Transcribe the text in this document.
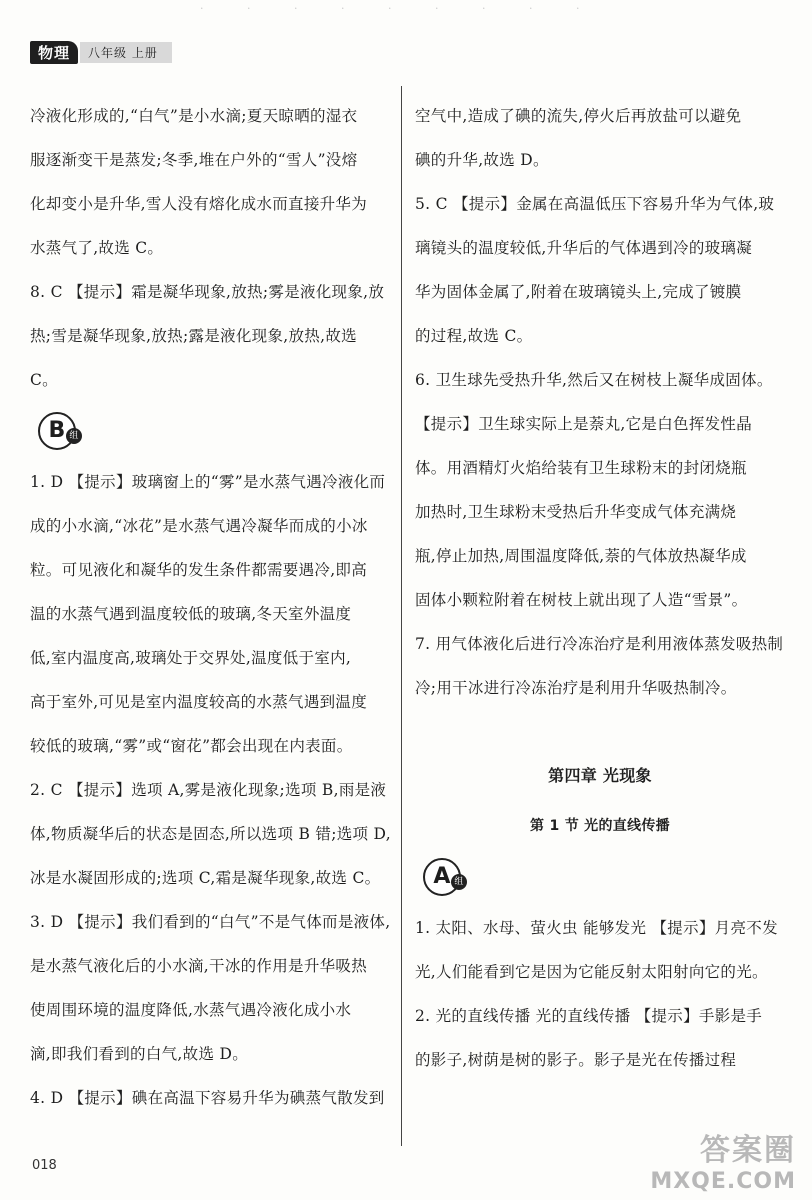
· · · · · · · · ·
物理	八年级 上册

冷液化形成的,“白气”是小水滴;夏天晾晒的湿衣

服逐渐变干是蒸发;冬季,堆在户外的“雪人”没熔

化却变小是升华,雪人没有熔化成水而直接升华为

水蒸气了,故选 C。

8. C 【提示】霜是凝华现象,放热;雾是液化现象,放

热;雪是凝华现象,放热;露是液化现象,放热,故选

C。

B 组

1. D 【提示】玻璃窗上的“雾”是水蒸气遇冷液化而

成的小水滴,“冰花”是水蒸气遇冷凝华而成的小冰

粒。可见液化和凝华的发生条件都需要遇冷,即高

温的水蒸气遇到温度较低的玻璃,冬天室外温度

低,室内温度高,玻璃处于交界处,温度低于室内,

高于室外,可见是室内温度较高的水蒸气遇到温度

较低的玻璃,“雾”或“窗花”都会出现在内表面。

2. C 【提示】选项 A,雾是液化现象;选项 B,雨是液

体,物质凝华后的状态是固态,所以选项 B 错;选项 D,

冰是水凝固形成的;选项 C,霜是凝华现象,故选 C。

3. D 【提示】我们看到的“白气”不是气体而是液体,

是水蒸气液化后的小水滴,干冰的作用是升华吸热

使周围环境的温度降低,水蒸气遇冷液化成小水

滴,即我们看到的白气,故选 D。

4. D 【提示】碘在高温下容易升华为碘蒸气散发到

空气中,造成了碘的流失,停火后再放盐可以避免

碘的升华,故选 D。

5. C 【提示】金属在高温低压下容易升华为气体,玻

璃镜头的温度较低,升华后的气体遇到冷的玻璃凝

华为固体金属了,附着在玻璃镜头上,完成了镀膜

的过程,故选 C。

6. 卫生球先受热升华,然后又在树枝上凝华成固体。

【提示】卫生球实际上是萘丸,它是白色挥发性晶

体。用酒精灯火焰给装有卫生球粉末的封闭烧瓶

加热时,卫生球粉末受热后升华变成气体充满烧

瓶,停止加热,周围温度降低,萘的气体放热凝华成

固体小颗粒附着在树枝上就出现了人造“雪景”。

7. 用气体液化后进行冷冻治疗是利用液体蒸发吸热制

冷;用干冰进行冷冻治疗是利用升华吸热制冷。

第四章 光现象
第 1 节 光的直线传播
A 组

1. 太阳、水母、萤火虫 能够发光 【提示】月亮不发

光,人们能看到它是因为它能反射太阳射向它的光。

2. 光的直线传播 光的直线传播 【提示】手影是手

的影子,树荫是树的影子。影子是光在传播过程

018	答案圈
MXQE.COM
